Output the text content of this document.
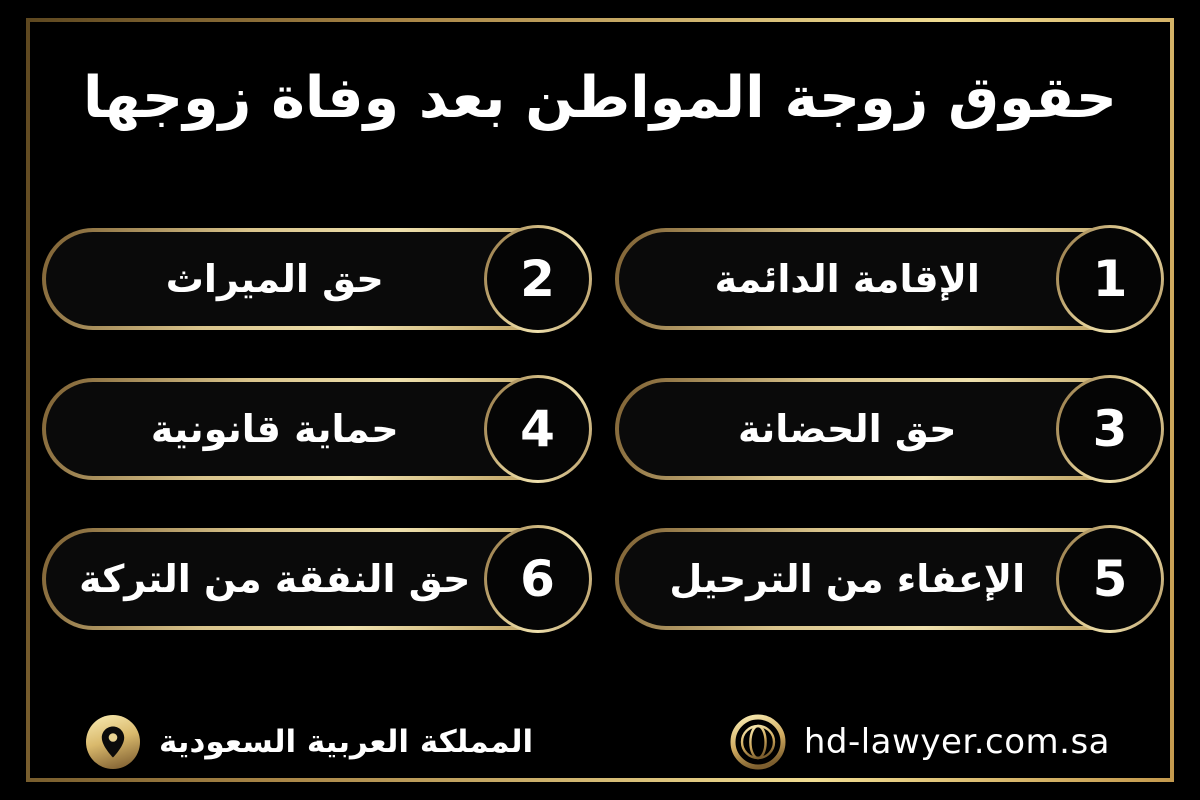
حقوق زوجة المواطن بعد وفاة زوجها
الإقامة الدائمة	1
حق الميراث	2
حق الحضانة	3
حماية قانونية	4
الإعفاء من الترحيل	5
حق النفقة من التركة 6
المملكة العربية السعودية	hd-lawyer.com.sa
